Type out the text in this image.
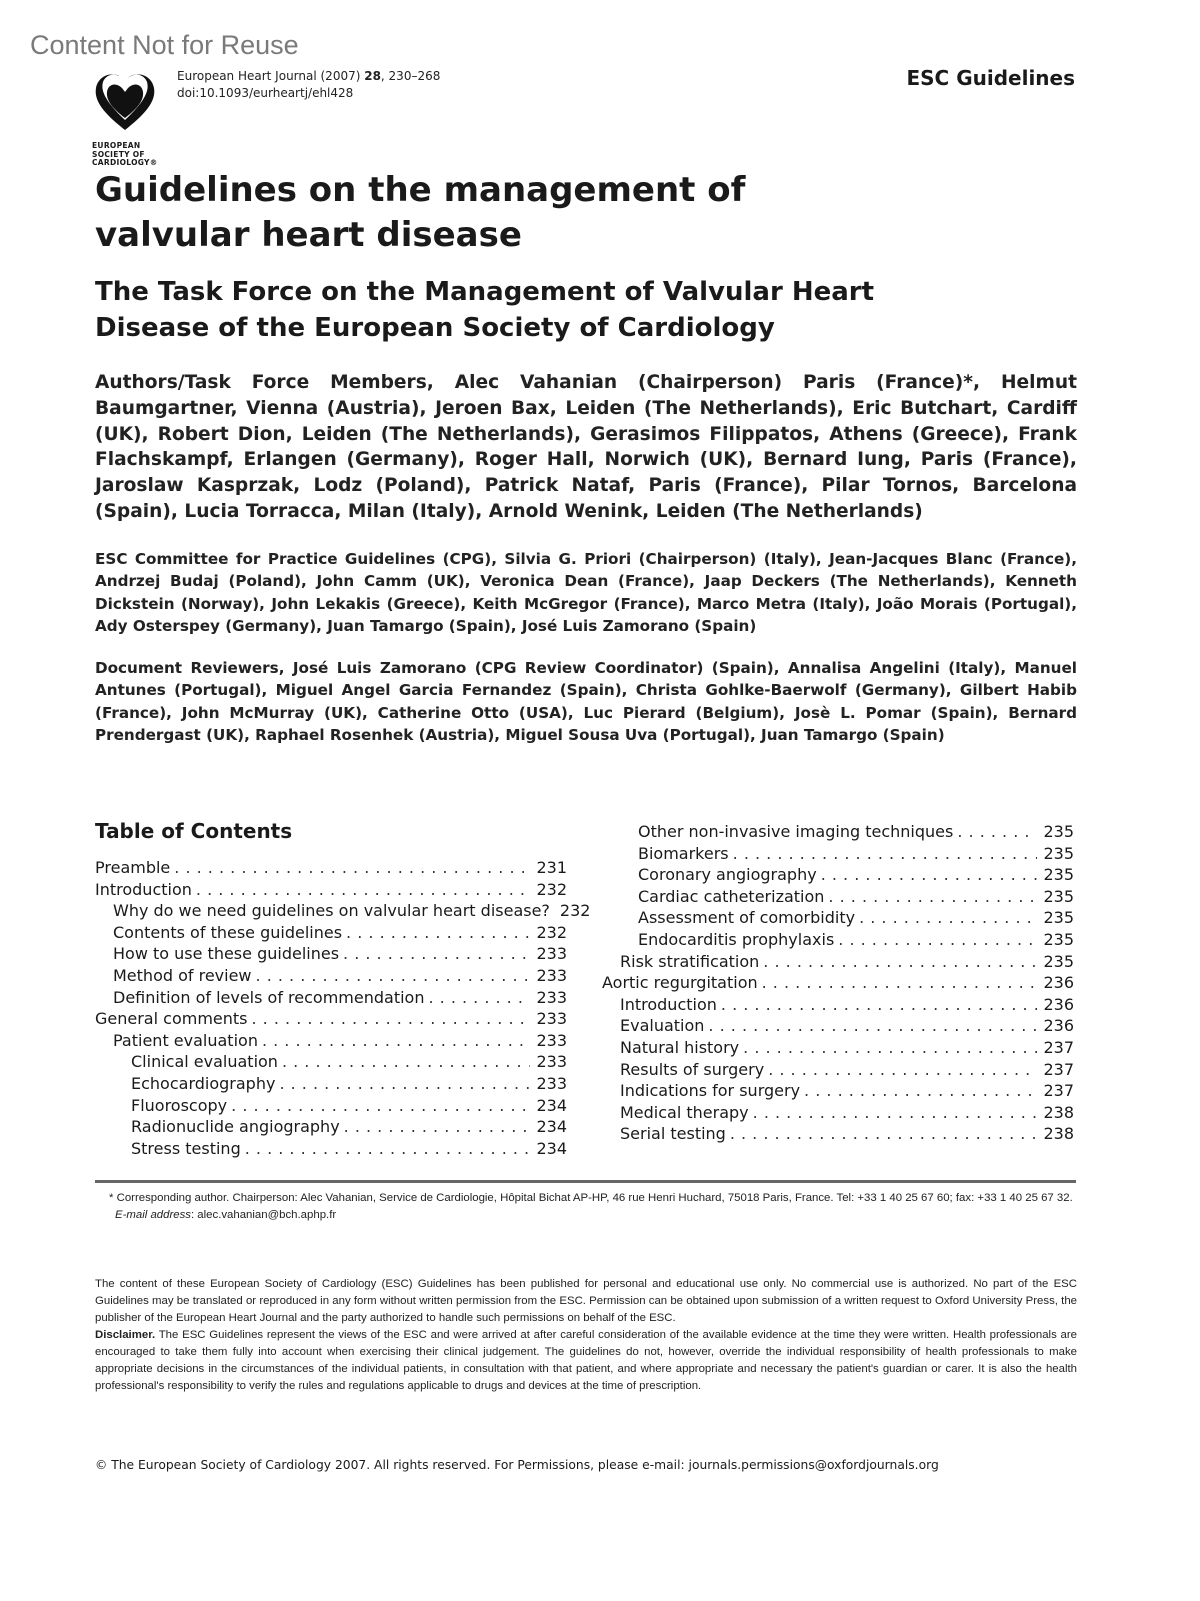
Content Not for Reuse
EUROPEAN
SOCIETY OF
CARDIOLOGY®
European Heart Journal (2007) 28, 230–268
doi:10.1093/eurheartj/ehl428
ESC Guidelines
Guidelines on the management of valvular heart disease
The Task Force on the Management of Valvular Heart Disease of the European Society of Cardiology
Authors/Task Force Members, Alec Vahanian (Chairperson) Paris (France)*, Helmut Baumgartner, Vienna (Austria), Jeroen Bax, Leiden (The Netherlands), Eric Butchart, Cardiff (UK), Robert Dion, Leiden (The Netherlands), Gerasimos Filippatos, Athens (Greece), Frank Flachskampf, Erlangen (Germany), Roger Hall, Norwich (UK), Bernard Iung, Paris (France), Jaroslaw Kasprzak, Lodz (Poland), Patrick Nataf, Paris (France), Pilar Tornos, Barcelona (Spain), Lucia Torracca, Milan (Italy), Arnold Wenink, Leiden (The Netherlands)
ESC Committee for Practice Guidelines (CPG), Silvia G. Priori (Chairperson) (Italy), Jean-Jacques Blanc (France), Andrzej Budaj (Poland), John Camm (UK), Veronica Dean (France), Jaap Deckers (The Netherlands), Kenneth Dickstein (Norway), John Lekakis (Greece), Keith McGregor (France), Marco Metra (Italy), João Morais (Portugal), Ady Osterspey (Germany), Juan Tamargo (Spain), José Luis Zamorano (Spain)
Document Reviewers, José Luis Zamorano (CPG Review Coordinator) (Spain), Annalisa Angelini (Italy), Manuel Antunes (Portugal), Miguel Angel Garcia Fernandez (Spain), Christa Gohlke-Baerwolf (Germany), Gilbert Habib (France), John McMurray (UK), Catherine Otto (USA), Luc Pierard (Belgium), Josè L. Pomar (Spain), Bernard Prendergast (UK), Raphael Rosenhek (Austria), Miguel Sousa Uva (Portugal), Juan Tamargo (Spain)
Table of Contents
Preamble . . .	231
Introduction . . .	232
Why do we need guidelines on valvular heart disease? 232
Contents of these guidelines . . .	232
How to use these guidelines . . .	233
Method of review . . .	233
Definition of levels of recommendation . . .	233
General comments . . .	233
Patient evaluation . . .	233
Clinical evaluation . . .	233
Echocardiography . . .	233
Fluoroscopy . . .	234
Radionuclide angiography . . .	234
Stress testing . . .	234
Other non-invasive imaging techniques . . .	235
Biomarkers . . .	235
Coronary angiography . . .	235
Cardiac catheterization . . .	235
Assessment of comorbidity . . .	235
Endocarditis prophylaxis . . .	235
Risk stratification . . .	235
Aortic regurgitation . . .	236
Introduction . . .	236
Evaluation . . .	236
Natural history . . .	237
Results of surgery . . .	237
Indications for surgery . . .	237
Medical therapy . . .	238
Serial testing . . .	238
* Corresponding author. Chairperson: Alec Vahanian, Service de Cardiologie, Hôpital Bichat AP-HP, 46 rue Henri Huchard, 75018 Paris, France. Tel: +33 1 40 25 67 60; fax: +33 1 40 25 67 32.
E-mail address: alec.vahanian@bch.aphp.fr
The content of these European Society of Cardiology (ESC) Guidelines has been published for personal and educational use only. No commercial use is authorized. No part of the ESC Guidelines may be translated or reproduced in any form without written permission from the ESC. Permission can be obtained upon submission of a written request to Oxford University Press, the publisher of the European Heart Journal and the party authorized to handle such permissions on behalf of the ESC.
Disclaimer. The ESC Guidelines represent the views of the ESC and were arrived at after careful consideration of the available evidence at the time they were written. Health professionals are encouraged to take them fully into account when exercising their clinical judgement. The guidelines do not, however, override the individual responsibility of health professionals to make appropriate decisions in the circumstances of the individual patients, in consultation with that patient, and where appropriate and necessary the patient's guardian or carer. It is also the health professional's responsibility to verify the rules and regulations applicable to drugs and devices at the time of prescription.
© The European Society of Cardiology 2007. All rights reserved. For Permissions, please e-mail: journals.permissions@oxfordjournals.org
